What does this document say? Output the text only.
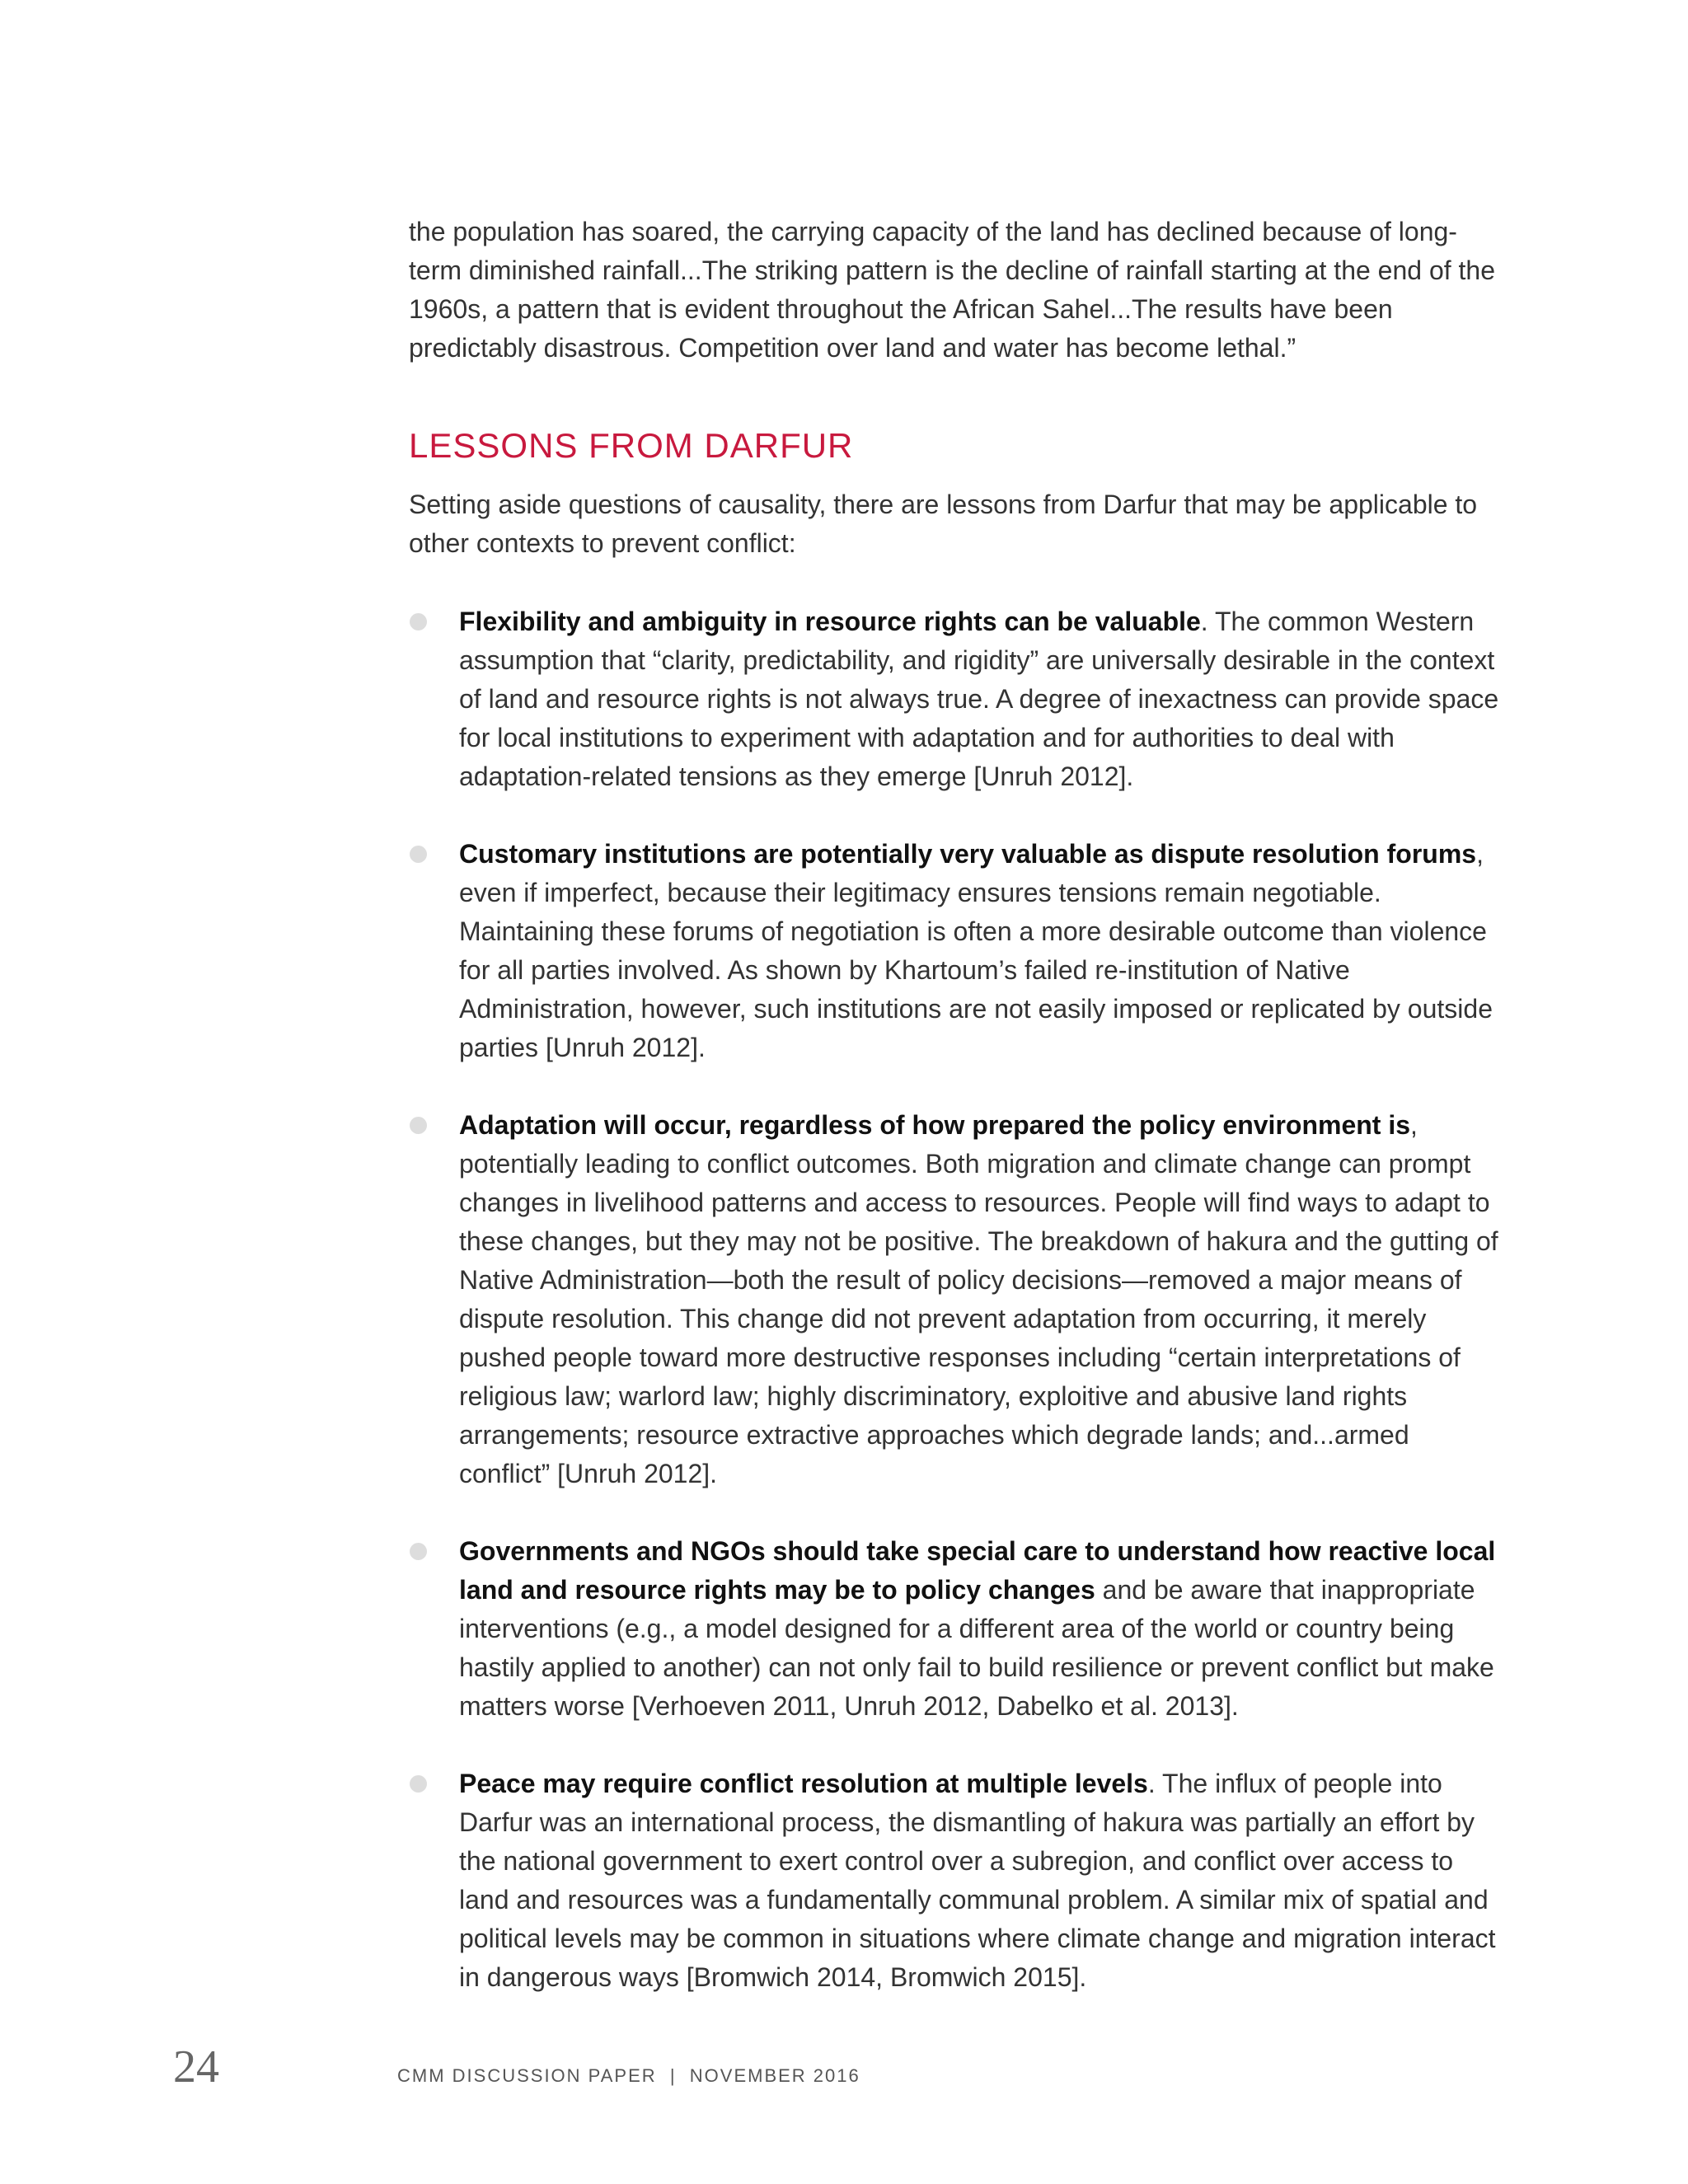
the population has soared, the carrying capacity of the land has declined because of long-term diminished rainfall...The striking pattern is the decline of rainfall starting at the end of the 1960s, a pattern that is evident throughout the African Sahel...The results have been predictably disastrous. Competition over land and water has become lethal.”

LESSONS FROM DARFUR

Setting aside questions of causality, there are lessons from Darfur that may be applicable to other contexts to prevent conflict:

Flexibility and ambiguity in resource rights can be valuable. The common Western assumption that “clarity, predictability, and rigidity” are universally desirable in the context of land and resource rights is not always true. A degree of inexactness can provide space for local institutions to experiment with adaptation and for authorities to deal with adaptation-related tensions as they emerge [Unruh 2012].
Customary institutions are potentially very valuable as dispute resolution forums, even if imperfect, because their legitimacy ensures tensions remain negotiable. Maintaining these forums of negotiation is often a more desirable outcome than violence for all parties involved. As shown by Khartoum’s failed re-institution of Native Administration, however, such institutions are not easily imposed or replicated by outside parties [Unruh 2012].
Adaptation will occur, regardless of how prepared the policy environment is, potentially leading to conflict outcomes. Both migration and climate change can prompt changes in livelihood patterns and access to resources. People will find ways to adapt to these changes, but they may not be positive. The breakdown of hakura and the gutting of Native Administration—both the result of policy decisions—removed a major means of dispute resolution. This change did not prevent adaptation from occurring, it merely pushed people toward more destructive responses including “certain interpretations of religious law; warlord law; highly discriminatory, exploitive and abusive land rights arrangements; resource extractive approaches which degrade lands; and...armed conflict” [Unruh 2012].
Governments and NGOs should take special care to understand how reactive local land and resource rights may be to policy changes and be aware that inappropriate interventions (e.g., a model designed for a different area of the world or country being hastily applied to another) can not only fail to build resilience or prevent conflict but make matters worse [Verhoeven 2011, Unruh 2012, Dabelko et al. 2013].
Peace may require conflict resolution at multiple levels. The influx of people into Darfur was an international process, the dismantling of hakura was partially an effort by the national government to exert control over a subregion, and conflict over access to land and resources was a fundamentally communal problem. A similar mix of spatial and political levels may be common in situations where climate change and migration interact in dangerous ways [Bromwich 2014, Bromwich 2015].
24	CMM DISCUSSION PAPER  |  NOVEMBER 2016
